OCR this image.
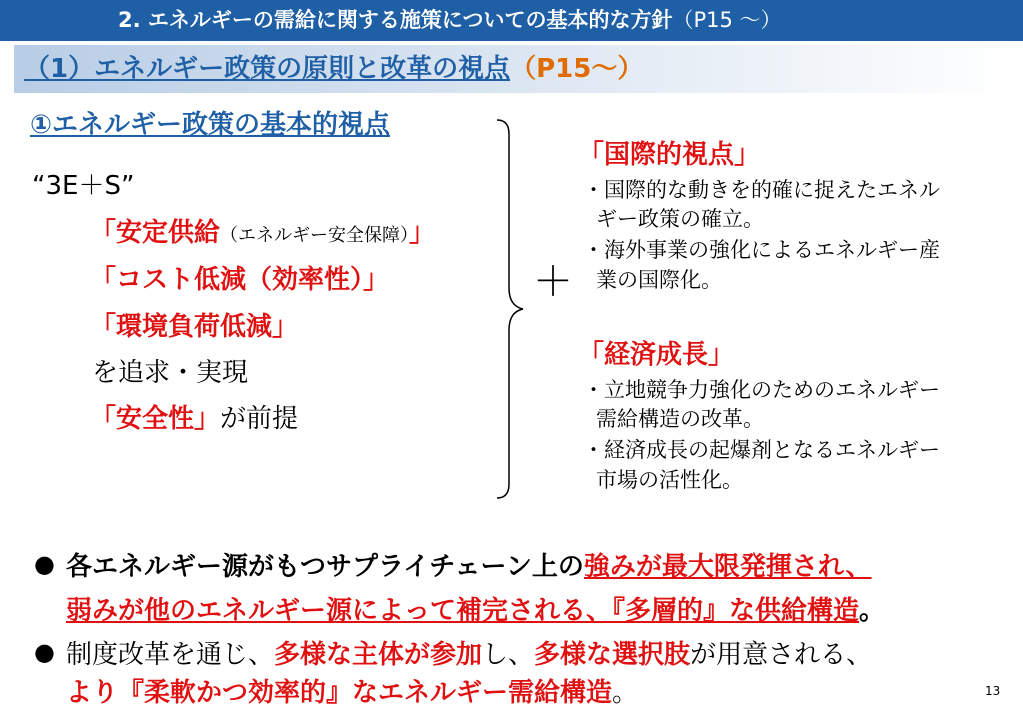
2. エネルギーの需給に関する施策についての基本的な方針（P15 ～）
（1）エネルギー政策の原則と改革の視点（P15～）
①エネルギー政策の基本的視点
“3E＋S”
「安定供給（エネルギー安全保障）」
「コスト低減（効率性）」
「環境負荷低減」
を追求・実現
「安全性」が前提
＋
「国際的視点」
・国際的な動きを的確に捉えたエネル
ギー政策の確立。
・海外事業の強化によるエネルギー産
業の国際化。
「経済成長」
・立地競争力強化のためのエネルギー
需給構造の改革。
・経済成長の起爆剤となるエネルギー
市場の活性化。
● 各エネルギー源がもつサプライチェーン上の強みが最大限発揮され、
弱みが他のエネルギー源によって補完される、『多層的』な供給構造。
● 制度改革を通じ、多様な主体が参加し、多様な選択肢が用意される、
より『柔軟かつ効率的』なエネルギー需給構造。	13
